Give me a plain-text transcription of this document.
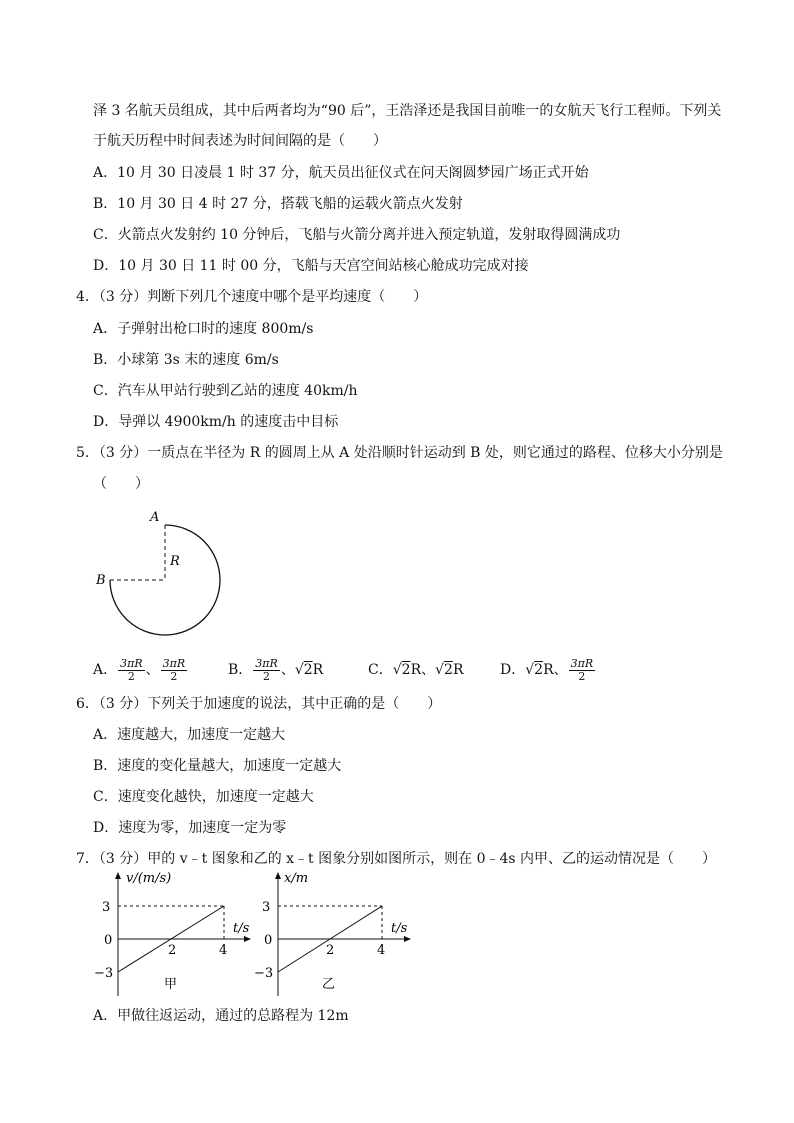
泽 3 名航天员组成，其中后两者均为“90 后”，王浩泽还是我国目前唯一的女航天飞行工程师。下列关
于航天历程中时间表述为时间间隔的是（　　）
A．10 月 30 日凌晨 1 时 37 分，航天员出征仪式在问天阁圆梦园广场正式开始
B．10 月 30 日 4 时 27 分，搭载飞船的运载火箭点火发射
C．火箭点火发射约 10 分钟后，飞船与火箭分离并进入预定轨道，发射取得圆满成功
D．10 月 30 日 11 时 00 分，飞船与天宫空间站核心舱成功完成对接
4．（3 分）判断下列几个速度中哪个是平均速度（　　）
A．子弹射出枪口时的速度 800m/s
B．小球第 3s 末的速度 6m/s
C．汽车从甲站行驶到乙站的速度 40km/h
D．导弹以 4900km/h 的速度击中目标
5．（3 分）一质点在半径为 R 的圆周上从 A 处沿顺时针运动到 B 处，则它通过的路程、位移大小分别是
（　　）
A
B
R
A． $\frac{3\pi R}{2}$ 、 $\frac{3\pi R}{2}$	B． $\frac{3\pi R}{2}$ 、√2R	C．√2R、√2R	D．√2R、 $\frac{3\pi R}{2}$
6．（3 分）下列关于加速度的说法，其中正确的是（　　）
A．速度越大，加速度一定越大
B．速度的变化量越大，加速度一定越大
C．速度变化越快，加速度一定越大
D．速度为零，加速度一定为零
7．（3 分）甲的 v﹣t 图象和乙的 x﹣t 图象分别如图所示，则在 0﹣4s 内甲、乙的运动情况是（　　）
v/(m/s)
t/s
3
0
−3
2	4
甲
x/m
t/s
3
0
−3
2	4
乙
A．甲做往返运动，通过的总路程为 12m
